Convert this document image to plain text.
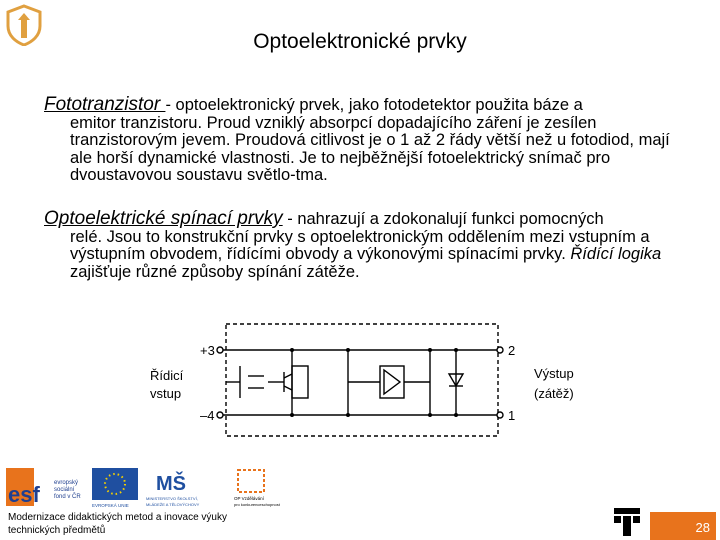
Optoelektronické prvky
Fototranzistor - optoelektronický prvek, jako fotodetektor použita báze a
emitor tranzistoru. Proud vzniklý absorpcí dopadajícího záření je zesílen tranzistorovým jevem. Proudová citlivost je o 1 až 2 řády větší než u fotodiod, mají ale horší dynamické vlastnosti. Je to nejběžnější fotoelektrický snímač pro dvoustavovou soustavu světlo-tma.
Optoelektrické spínací prvky - nahrazují a zdokonalují funkci pomocných
relé. Jsou to konstrukční prvky s optoelektronickým oddělením mezi vstupním a výstupním obvodem, řídícími obvody a výkonovými spínacími prvky. Řídící logika zajišťuje různé způsoby spínání zátěže.
+3
–4
2
1
Řídicí
vstup
Výstup
(zátěž)
esf evropský
sociální
fond v ČR
EVROPSKÁ UNIE
MŠ
MINISTERSTVO ŠKOLSTVÍ,
MLÁDEŽE A TĚLOVÝCHOVY
OP Vzdělávání
pro konkurenceschopnost
Modernizace didaktických metod a inovace výuky
technických předmětů	28
